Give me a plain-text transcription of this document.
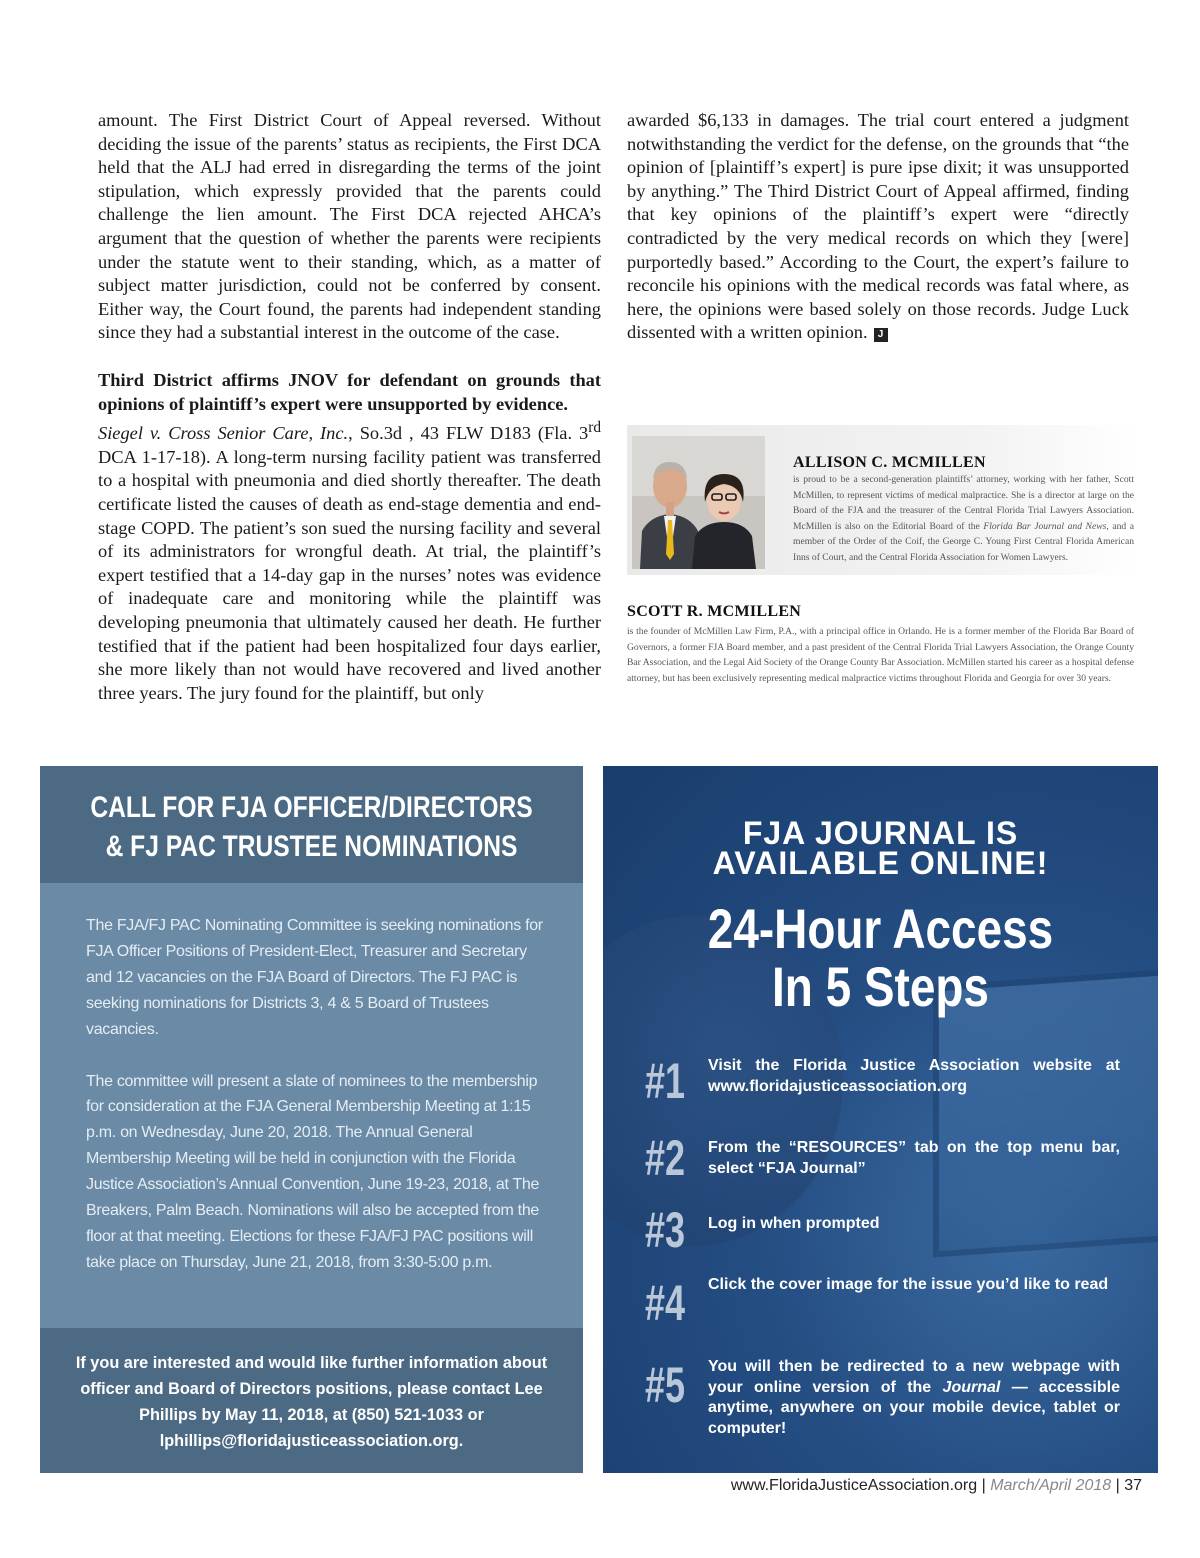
amount. The First District Court of Appeal reversed. Without deciding the issue of the parents’ status as recipients, the First DCA held that the ALJ had erred in disregarding the terms of the joint stipulation, which expressly provided that the parents could challenge the lien amount. The First DCA rejected AHCA’s argument that the question of whether the parents were recipients under the statute went to their standing, which, as a matter of subject matter jurisdiction, could not be conferred by consent. Either way, the Court found, the parents had independent standing since they had a substantial interest in the outcome of the case.

Third District affirms JNOV for defendant on grounds that opinions of plaintiff’s expert were unsupported by evidence.

Siegel v. Cross Senior Care, Inc., So.3d , 43 FLW D183 (Fla. 3rd DCA 1-17-18). A long-term nursing facility patient was transferred to a hospital with pneumonia and died shortly thereafter. The death certificate listed the causes of death as end-stage dementia and end-stage COPD. The patient’s son sued the nursing facility and several of its administrators for wrongful death. At trial, the plaintiff’s expert testified that a 14-day gap in the nurses’ notes was evidence of inadequate care and monitoring while the plaintiff was developing pneumonia that ultimately caused her death. He further testified that if the patient had been hospitalized four days earlier, she more likely than not would have recovered and lived another three years. The jury found for the plaintiff, but only

awarded $6,133 in damages. The trial court entered a judgment notwithstanding the verdict for the defense, on the grounds that “the opinion of [plaintiff’s expert] is pure ipse dixit; it was unsupported by anything.” The Third District Court of Appeal affirmed, finding that key opinions of the plaintiff’s expert were “directly contradicted by the very medical records on which they [were] purportedly based.” According to the Court, the expert’s failure to reconcile his opinions with the medical records was fatal where, as here, the opinions were based solely on those records. Judge Luck dissented with a written opinion. J

ALLISON C. MCMILLEN
is proud to be a second-generation plaintiffs’ attorney, working with her father, Scott McMillen, to represent victims of medical malpractice. She is a director at large on the Board of the FJA and the treasurer of the Central Florida Trial Lawyers Association. McMillen is also on the Editorial Board of the Florida Bar Journal and News, and a member of the Order of the Coif, the George C. Young First Central Florida American Inns of Court, and the Central Florida Association for Women Lawyers.
SCOTT R. MCMILLEN
is the founder of McMillen Law Firm, P.A., with a principal office in Orlando. He is a former member of the Florida Bar Board of Governors, a former FJA Board member, and a past president of the Central Florida Trial Lawyers Association, the Orange County Bar Association, and the Legal Aid Society of the Orange County Bar Association. McMillen started his career as a hospital defense attorney, but has been exclusively representing medical malpractice victims throughout Florida and Georgia for over 30 years.
CALL FOR FJA OFFICER/DIRECTORS
& FJ PAC TRUSTEE NOMINATIONS

The FJA/FJ PAC Nominating Committee is seeking nominations for FJA Officer Positions of President-Elect, Treasurer and Secretary and 12 vacancies on the FJA Board of Directors. The FJ PAC is seeking nominations for Districts 3, 4 & 5 Board of Trustees vacancies.

The committee will present a slate of nominees to the membership for consideration at the FJA General Membership Meeting at 1:15 p.m. on Wednesday, June 20, 2018. The Annual General Membership Meeting will be held in conjunction with the Florida Justice Association’s Annual Convention, June 19-23, 2018, at The Breakers, Palm Beach. Nominations will also be accepted from the floor at that meeting. Elections for these FJA/FJ PAC positions will take place on Thursday, June 21, 2018, from 3:30-5:00 p.m.

If you are interested and would like further information about officer and Board of Directors positions, please contact Lee Phillips by May 11, 2018, at (850) 521-1033 or lphillips@floridajusticeassociation.org.
FJA JOURNAL IS
AVAILABLE ONLINE!
24-Hour Access
In 5 Steps
#1 Visit the Florida Justice Association website at www.floridajusticeassociation.org
#2 From the “RESOURCES” tab on the top menu bar, select “FJA Journal”
#3 Log in when prompted
#4 Click the cover image for the issue you’d like to read
#5 You will then be redirected to a new webpage with your online version of the Journal — accessible anytime, anywhere on your mobile device, tablet or computer!
www.FloridaJusticeAssociation.org | March/April 2018 | 37
